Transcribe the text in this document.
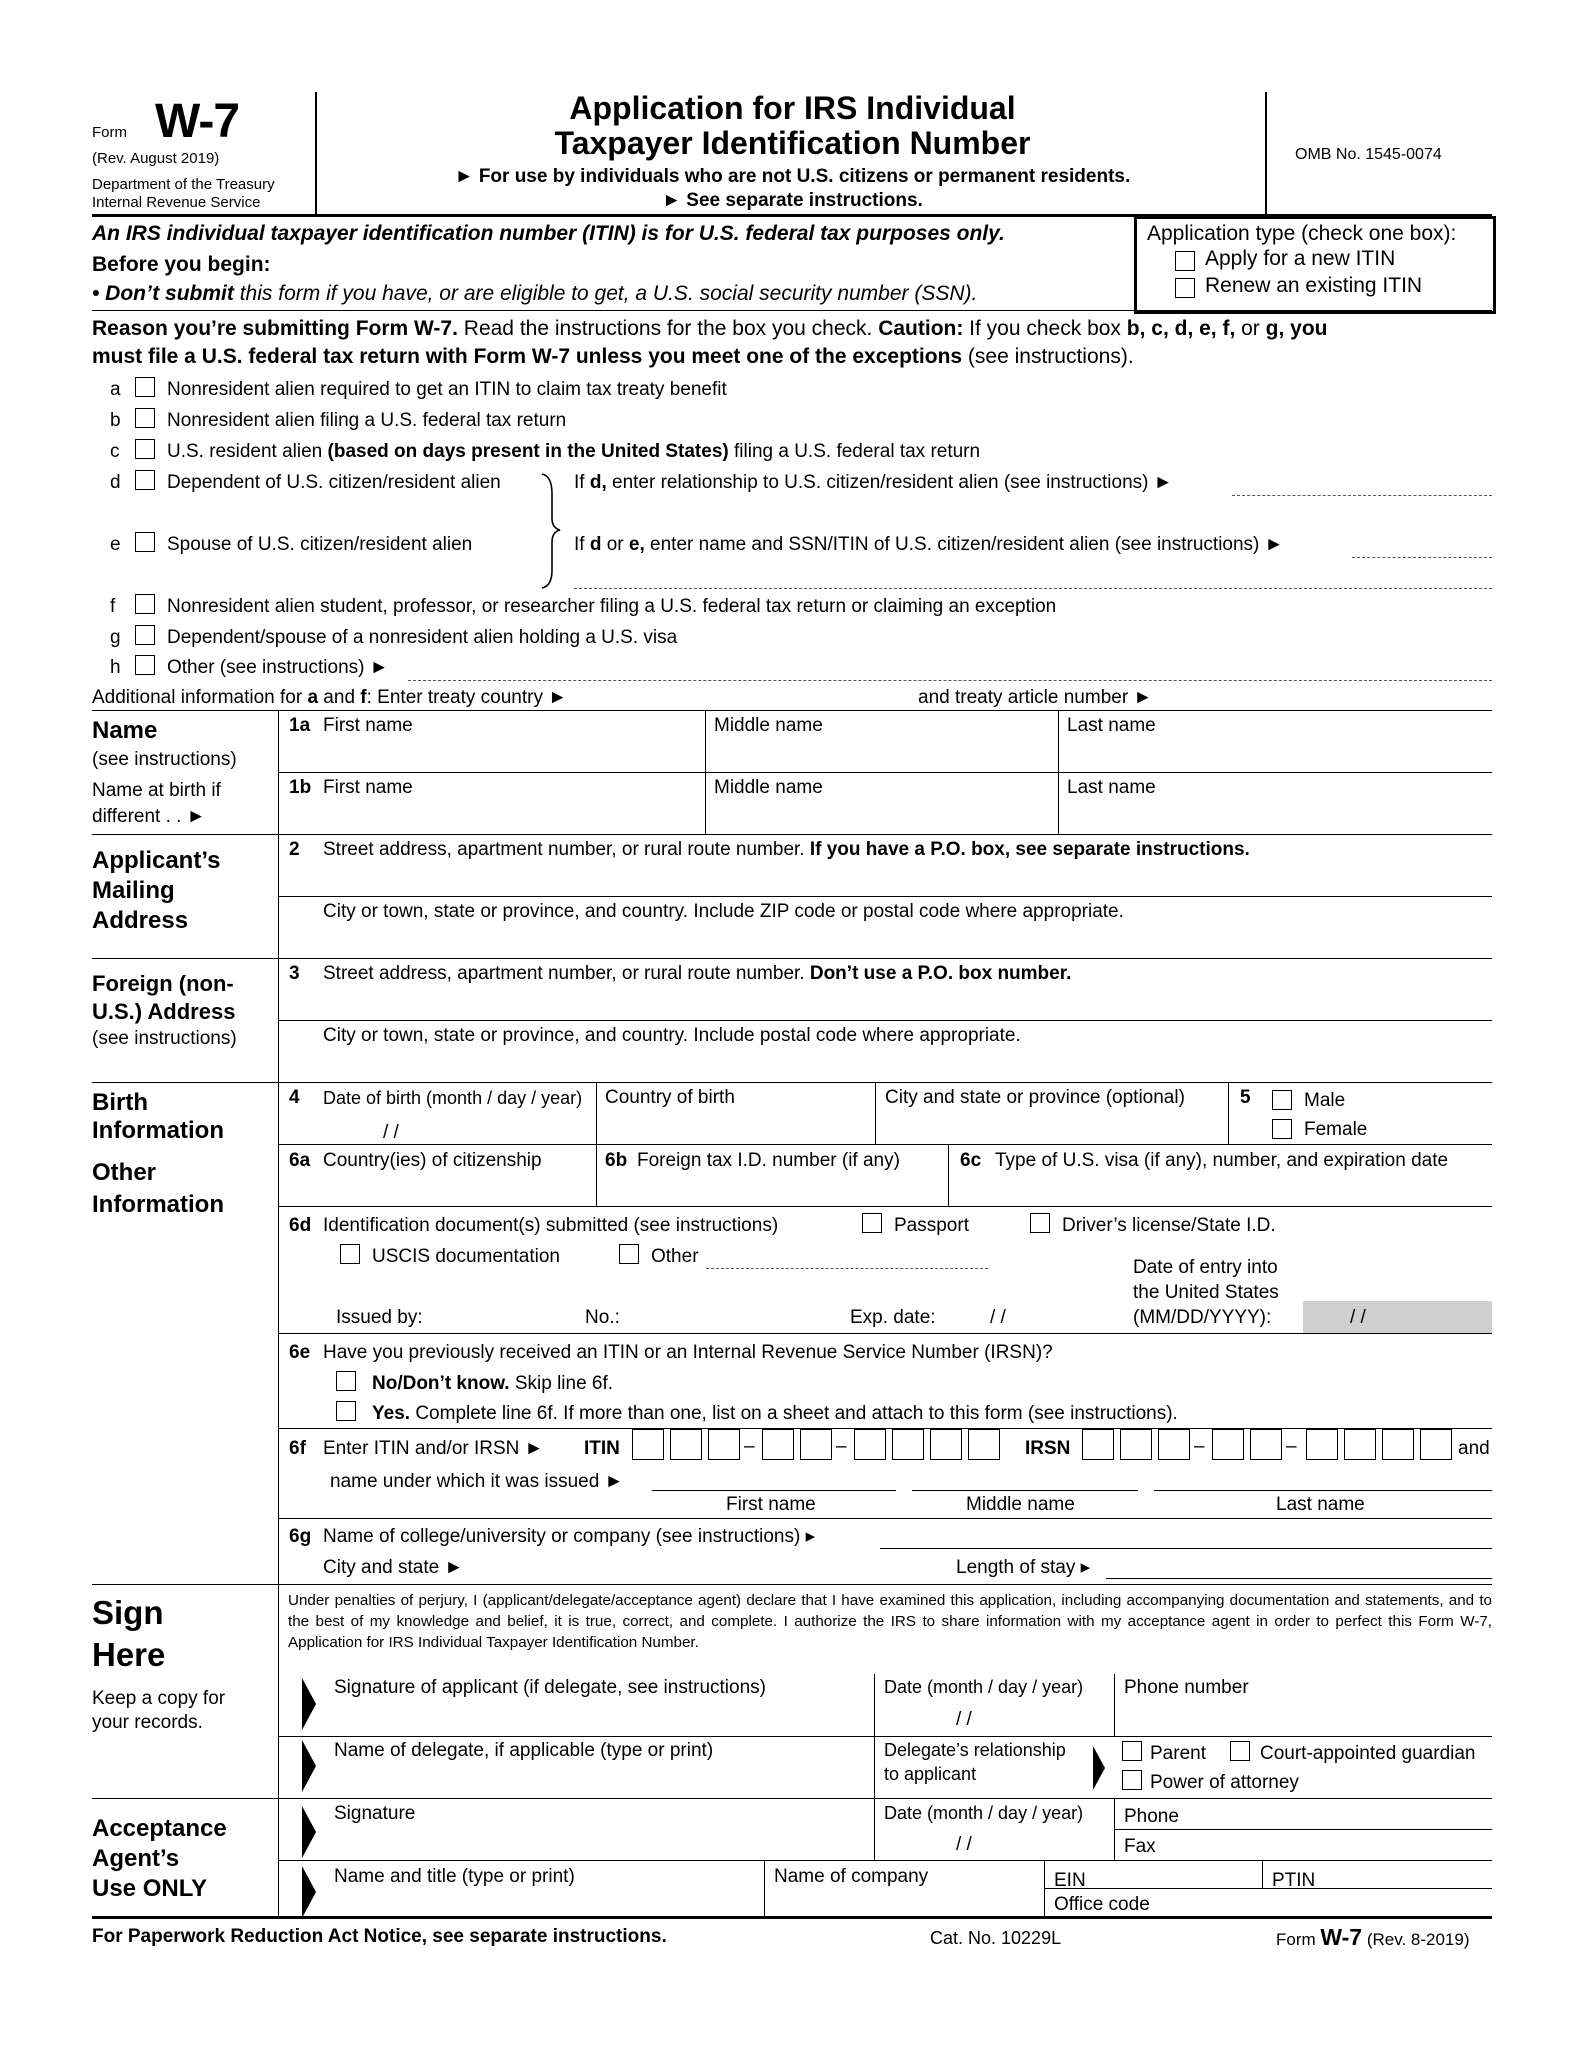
Form W-7
(Rev. August 2019)
Department of the Treasury
Internal Revenue Service
Application for IRS Individual
Taxpayer Identification Number
► For use by individuals who are not U.S. citizens or permanent residents.
► See separate instructions.
OMB No. 1545-0074
An IRS individual taxpayer identification number (ITIN) is for U.S. federal tax purposes only.
Before you begin:
• Don’t submit this form if you have, or are eligible to get, a U.S. social security number (SSN).
Application type (check one box):
Apply for a new ITIN
Renew an existing ITIN
Reason you’re submitting Form W-7. Read the instructions for the box you check. Caution: If you check box b, c, d, e, f, or g, you
must file a U.S. federal tax return with Form W-7 unless you meet one of the exceptions (see instructions).
a Nonresident alien required to get an ITIN to claim tax treaty benefit
b Nonresident alien filing a U.S. federal tax return
c	U.S. resident alien (based on days present in the United States) filing a U.S. federal tax return
d Dependent of U.S. citizen/resident alien	If d, enter relationship to U.S. citizen/resident alien (see instructions) ►
e Spouse of U.S. citizen/resident alien	If d or e, enter name and SSN/ITIN of U.S. citizen/resident alien (see instructions) ►
f	Nonresident alien student, professor, or researcher filing a U.S. federal tax return or claiming an exception
g Dependent/spouse of a nonresident alien holding a U.S. visa
h Other (see instructions) ►
Additional information for a and f: Enter treaty country ►	and treaty article number ►
Name
(see instructions)
Name at birth if
different . . ►
1a First name	Middle name	Last name
1b First name	Middle name	Last name
Applicant’s
Mailing
Address
2 Street address, apartment number, or rural route number. If you have a P.O. box, see separate instructions.
City or town, state or province, and country. Include ZIP code or postal code where appropriate.
Foreign (non-
U.S.) Address
(see instructions)
3 Street address, apartment number, or rural route number. Don’t use a P.O. box number.
City or town, state or province, and country. Include postal code where appropriate.
Birth
Information
4 Date of birth (month / day / year)
/ /
Country of birth	City and state or province (optional)	5	Male
Female
Other
Information
6a Country(ies) of citizenship	6b Foreign tax I.D. number (if any)	6c Type of U.S. visa (if any), number, and expiration date
6d Identification document(s) submitted (see instructions)	Passport	Driver’s license/State I.D.
USCIS documentation	Other
Date of entry into
the United States
(MM/DD/YYYY):	/ /
Issued by:	No.:	Exp. date:	/ /
6e Have you previously received an ITIN or an Internal Revenue Service Number (IRSN)?
No/Don’t know. Skip line 6f.
Yes. Complete line 6f. If more than one, list on a sheet and attach to this form (see instructions).
6f Enter ITIN and/or IRSN ► ITIN	–	–	IRSN	–	–	and
name under which it was issued ►
First name	Middle name	Last name
6g Name of college/university or company (see instructions) ▸
City and state ►	Length of stay ▸
Sign
Here
Keep a copy for
your records.
Under penalties of perjury, I (applicant/delegate/acceptance agent) declare that I have examined this application, including accompanying documentation and statements, and to the best of my knowledge and belief, it is true, correct, and complete. I authorize the IRS to share information with my acceptance agent in order to perfect this Form W-7, Application for IRS Individual Taxpayer Identification Number.
Signature of applicant (if delegate, see instructions)	Date (month / day / year)
/ /
Phone number
Name of delegate, if applicable (type or print)	Delegate’s relationship
to applicant
Parent	Court-appointed guardian
Power of attorney
Acceptance
Agent’s
Use ONLY
Signature	Date (month / day / year)
/ /
Phone
Fax
Name and title (type or print)	Name of company	EIN	PTIN
Office code
For Paperwork Reduction Act Notice, see separate instructions.	Cat. No. 10229L	Form W-7 (Rev. 8-2019)
